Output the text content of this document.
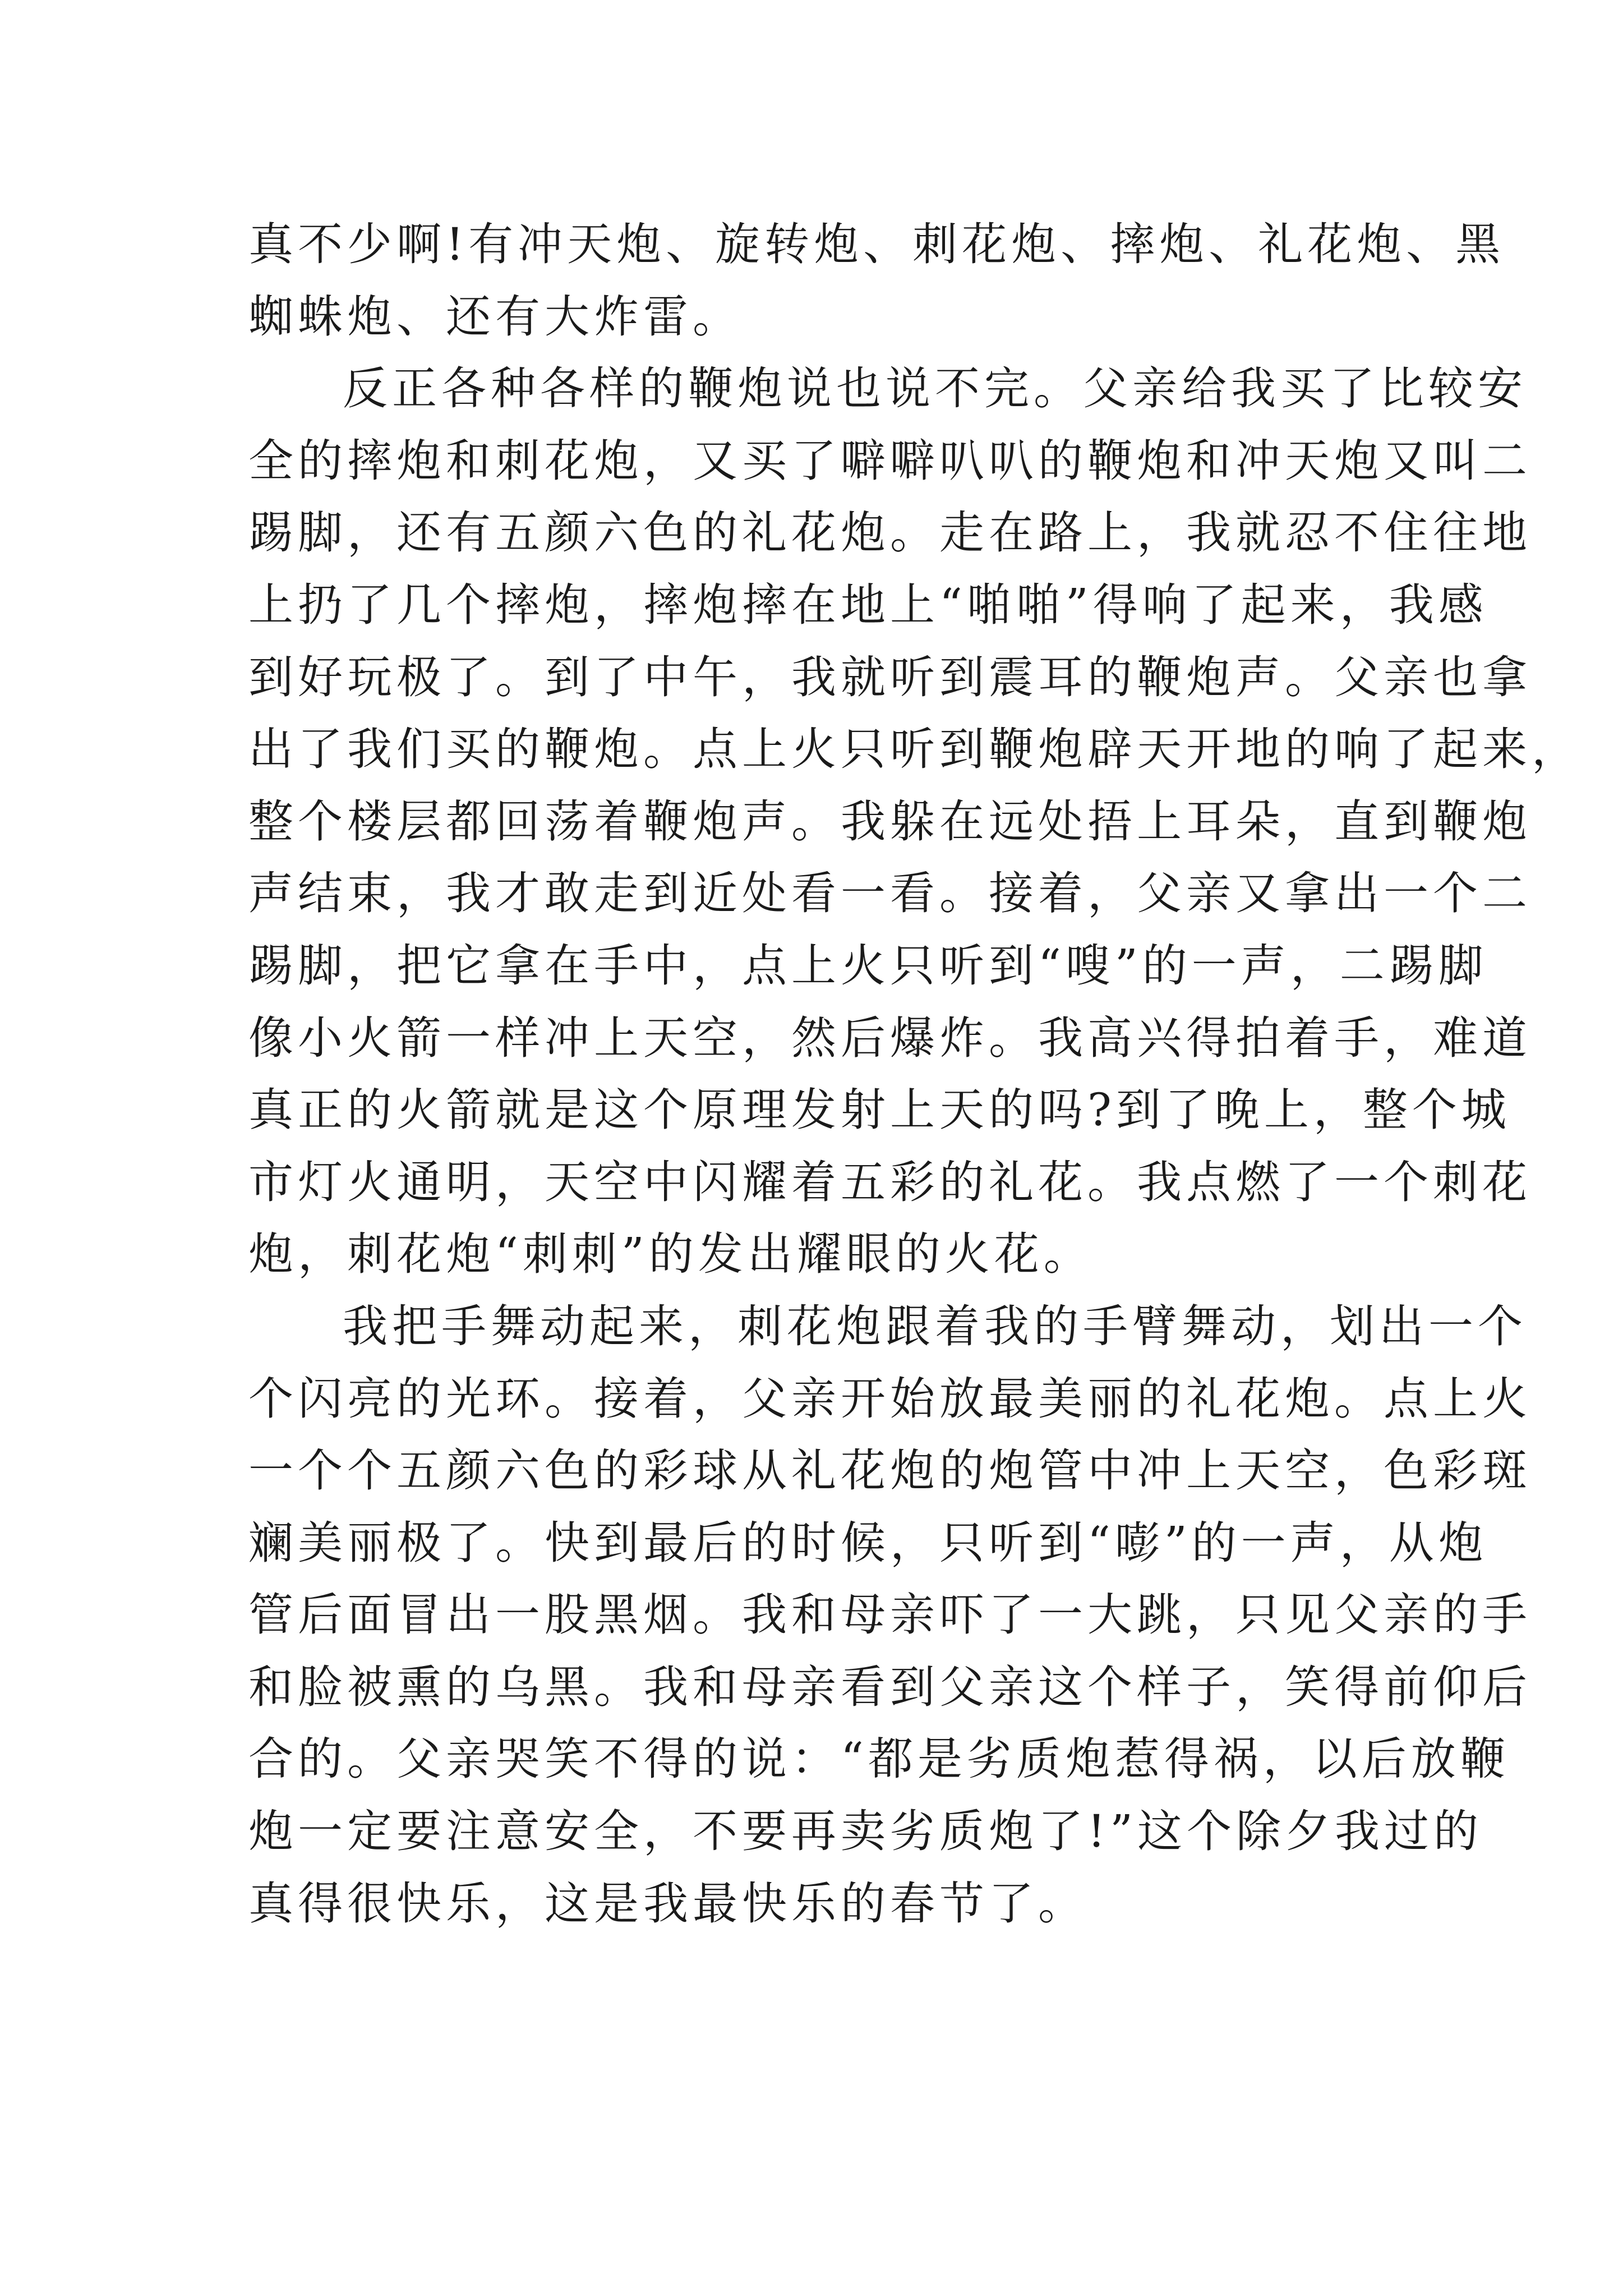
真不少啊!有冲天炮、旋转炮、刺花炮、摔炮、礼花炮、黑
蜘蛛炮、还有大炸雷。
反正各种各样的鞭炮说也说不完。父亲给我买了比较安
全的摔炮和刺花炮，又买了噼噼叭叭的鞭炮和冲天炮又叫二
踢脚，还有五颜六色的礼花炮。走在路上，我就忍不住往地
上扔了几个摔炮，摔炮摔在地上“啪啪”得响了起来，我感
到好玩极了。到了中午，我就听到震耳的鞭炮声。父亲也拿
出了我们买的鞭炮。点上火只听到鞭炮辟天开地的响了起来，
整个楼层都回荡着鞭炮声。我躲在远处捂上耳朵，直到鞭炮
声结束，我才敢走到近处看一看。接着，父亲又拿出一个二
踢脚，把它拿在手中，点上火只听到“嗖”的一声，二踢脚
像小火箭一样冲上天空，然后爆炸。我高兴得拍着手，难道
真正的火箭就是这个原理发射上天的吗?到了晚上，整个城
市灯火通明，天空中闪耀着五彩的礼花。我点燃了一个刺花
炮，刺花炮“刺刺”的发出耀眼的火花。
我把手舞动起来，刺花炮跟着我的手臂舞动，划出一个
个闪亮的光环。接着，父亲开始放最美丽的礼花炮。点上火
一个个五颜六色的彩球从礼花炮的炮管中冲上天空，色彩斑
斓美丽极了。快到最后的时候，只听到“嘭”的一声，从炮
管后面冒出一股黑烟。我和母亲吓了一大跳，只见父亲的手
和脸被熏的乌黑。我和母亲看到父亲这个样子，笑得前仰后
合的。父亲哭笑不得的说：“都是劣质炮惹得祸，以后放鞭
炮一定要注意安全，不要再卖劣质炮了!”这个除夕我过的
真得很快乐，这是我最快乐的春节了。
